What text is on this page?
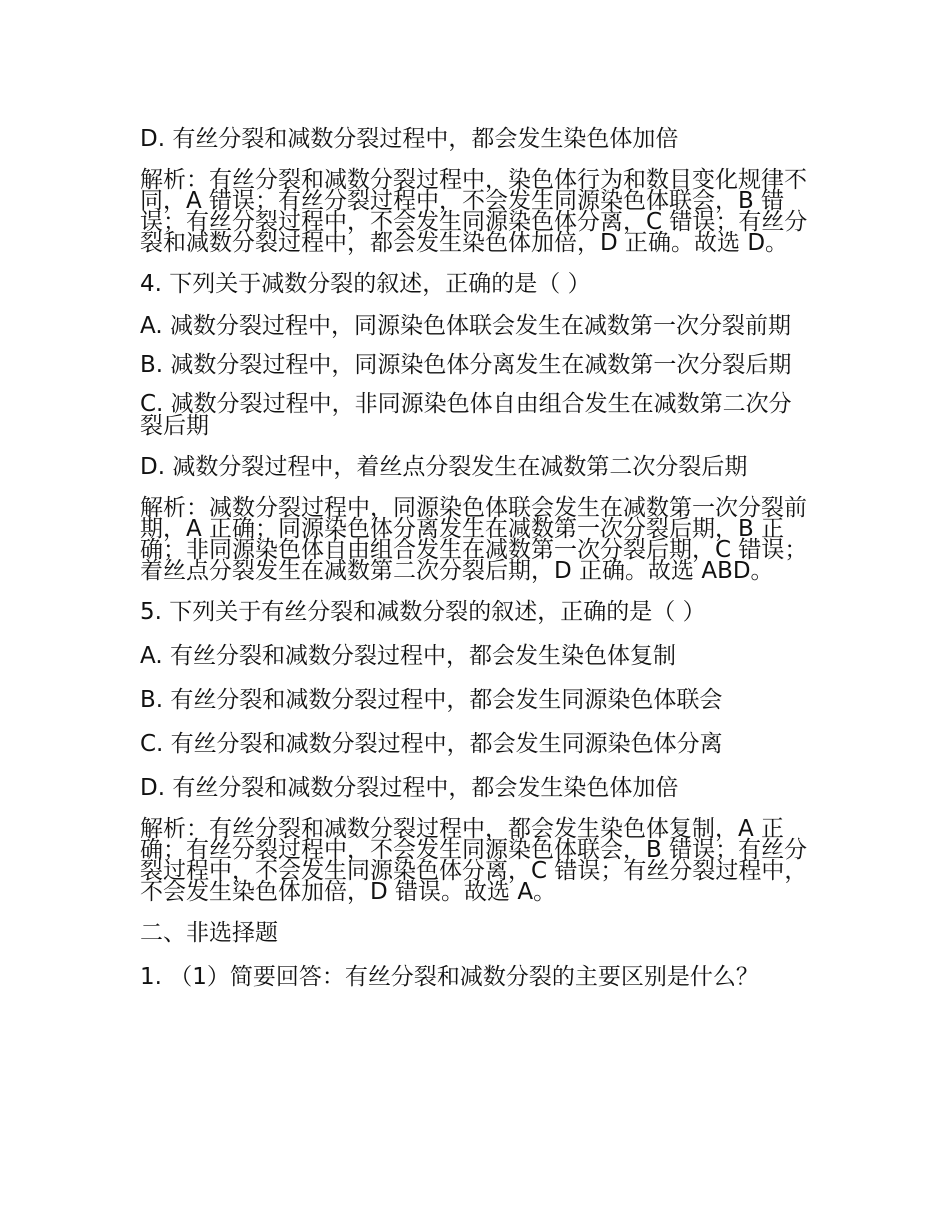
D. 有丝分裂和减数分裂过程中，都会发生染色体加倍

解析：有丝分裂和减数分裂过程中，染色体行为和数目变化规律不同，A 错误；有丝分裂过程中，不会发生同源染色体联会，B 错误；有丝分裂过程中，不会发生同源染色体分离，C 错误；有丝分裂和减数分裂过程中，都会发生染色体加倍，D 正确。故选 D。

4. 下列关于减数分裂的叙述，正确的是（ ）

A. 减数分裂过程中，同源染色体联会发生在减数第一次分裂前期

B. 减数分裂过程中，同源染色体分离发生在减数第一次分裂后期

C. 减数分裂过程中，非同源染色体自由组合发生在减数第二次分裂后期

D. 减数分裂过程中，着丝点分裂发生在减数第二次分裂后期

解析：减数分裂过程中，同源染色体联会发生在减数第一次分裂前期，A 正确；同源染色体分离发生在减数第一次分裂后期，B 正确；非同源染色体自由组合发生在减数第一次分裂后期，C 错误；着丝点分裂发生在减数第二次分裂后期，D 正确。故选 ABD。

5. 下列关于有丝分裂和减数分裂的叙述，正确的是（ ）

A. 有丝分裂和减数分裂过程中，都会发生染色体复制

B. 有丝分裂和减数分裂过程中，都会发生同源染色体联会

C. 有丝分裂和减数分裂过程中，都会发生同源染色体分离

D. 有丝分裂和减数分裂过程中，都会发生染色体加倍

解析：有丝分裂和减数分裂过程中，都会发生染色体复制，A 正确；有丝分裂过程中，不会发生同源染色体联会，B 错误；有丝分裂过程中，不会发生同源染色体分离，C 错误；有丝分裂过程中，不会发生染色体加倍，D 错误。故选 A。

二、非选择题

1. （1）简要回答：有丝分裂和减数分裂的主要区别是什么？
